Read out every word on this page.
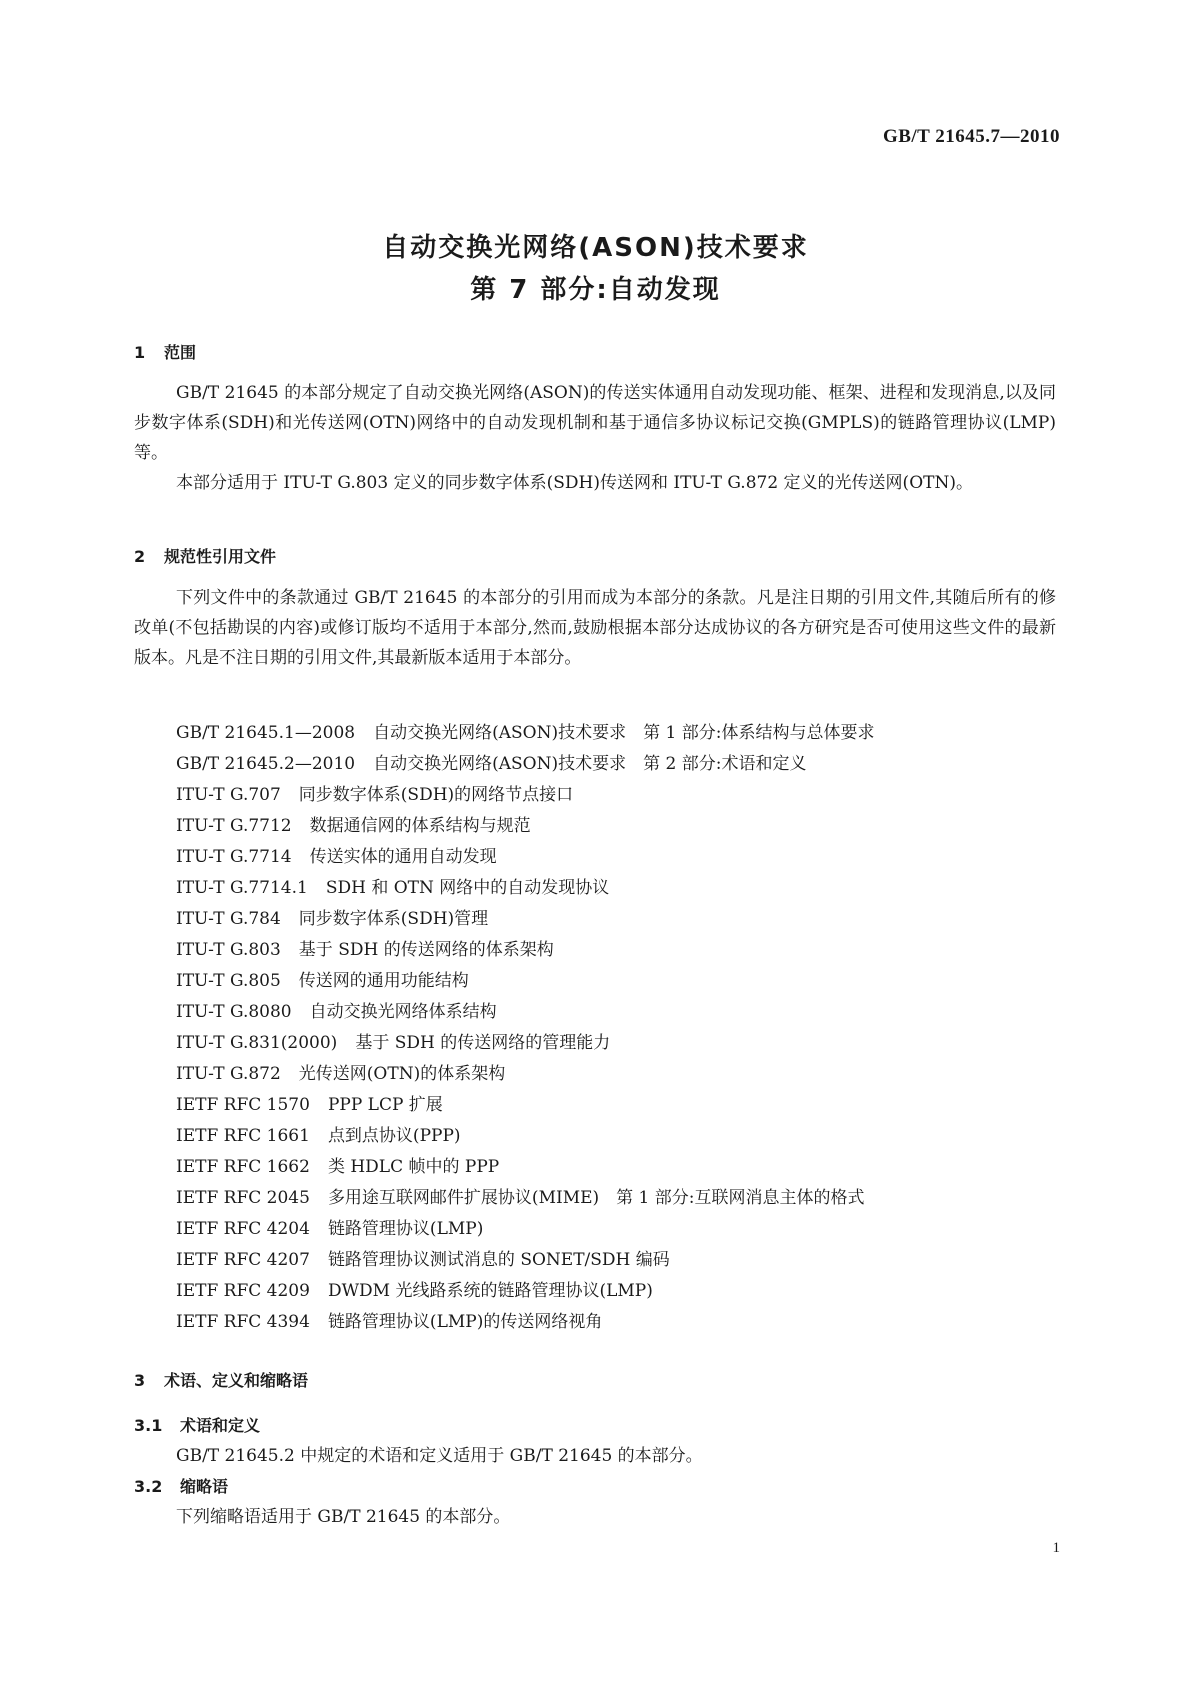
GB/T 21645.7—2010
自动交换光网络(ASON)技术要求
第 7 部分:自动发现
1 范围
GB/T 21645 的本部分规定了自动交换光网络(ASON)的传送实体通用自动发现功能、框架、进程和发现消息,以及同步数字体系(SDH)和光传送网(OTN)网络中的自动发现机制和基于通信多协议标记交换(GMPLS)的链路管理协议(LMP)等。
本部分适用于 ITU-T G.803 定义的同步数字体系(SDH)传送网和 ITU-T G.872 定义的光传送网(OTN)。
2 规范性引用文件
下列文件中的条款通过 GB/T 21645 的本部分的引用而成为本部分的条款。凡是注日期的引用文件,其随后所有的修改单(不包括勘误的内容)或修订版均不适用于本部分,然而,鼓励根据本部分达成协议的各方研究是否可使用这些文件的最新版本。凡是不注日期的引用文件,其最新版本适用于本部分。
GB/T 21645.1—2008 自动交换光网络(ASON)技术要求　第 1 部分:体系结构与总体要求
GB/T 21645.2—2010 自动交换光网络(ASON)技术要求　第 2 部分:术语和定义
ITU-T G.707 同步数字体系(SDH)的网络节点接口
ITU-T G.7712 数据通信网的体系结构与规范
ITU-T G.7714 传送实体的通用自动发现
ITU-T G.7714.1 SDH 和 OTN 网络中的自动发现协议
ITU-T G.784 同步数字体系(SDH)管理
ITU-T G.803 基于 SDH 的传送网络的体系架构
ITU-T G.805 传送网的通用功能结构
ITU-T G.8080 自动交换光网络体系结构
ITU-T G.831(2000) 基于 SDH 的传送网络的管理能力
ITU-T G.872 光传送网(OTN)的体系架构
IETF RFC 1570 PPP LCP 扩展
IETF RFC 1661 点到点协议(PPP)
IETF RFC 1662 类 HDLC 帧中的 PPP
IETF RFC 2045 多用途互联网邮件扩展协议(MIME)　第 1 部分:互联网消息主体的格式
IETF RFC 4204 链路管理协议(LMP)
IETF RFC 4207 链路管理协议测试消息的 SONET/SDH 编码
IETF RFC 4209 DWDM 光线路系统的链路管理协议(LMP)
IETF RFC 4394 链路管理协议(LMP)的传送网络视角
3 术语、定义和缩略语
3.1 术语和定义
GB/T 21645.2 中规定的术语和定义适用于 GB/T 21645 的本部分。
3.2 缩略语
下列缩略语适用于 GB/T 21645 的本部分。
1
